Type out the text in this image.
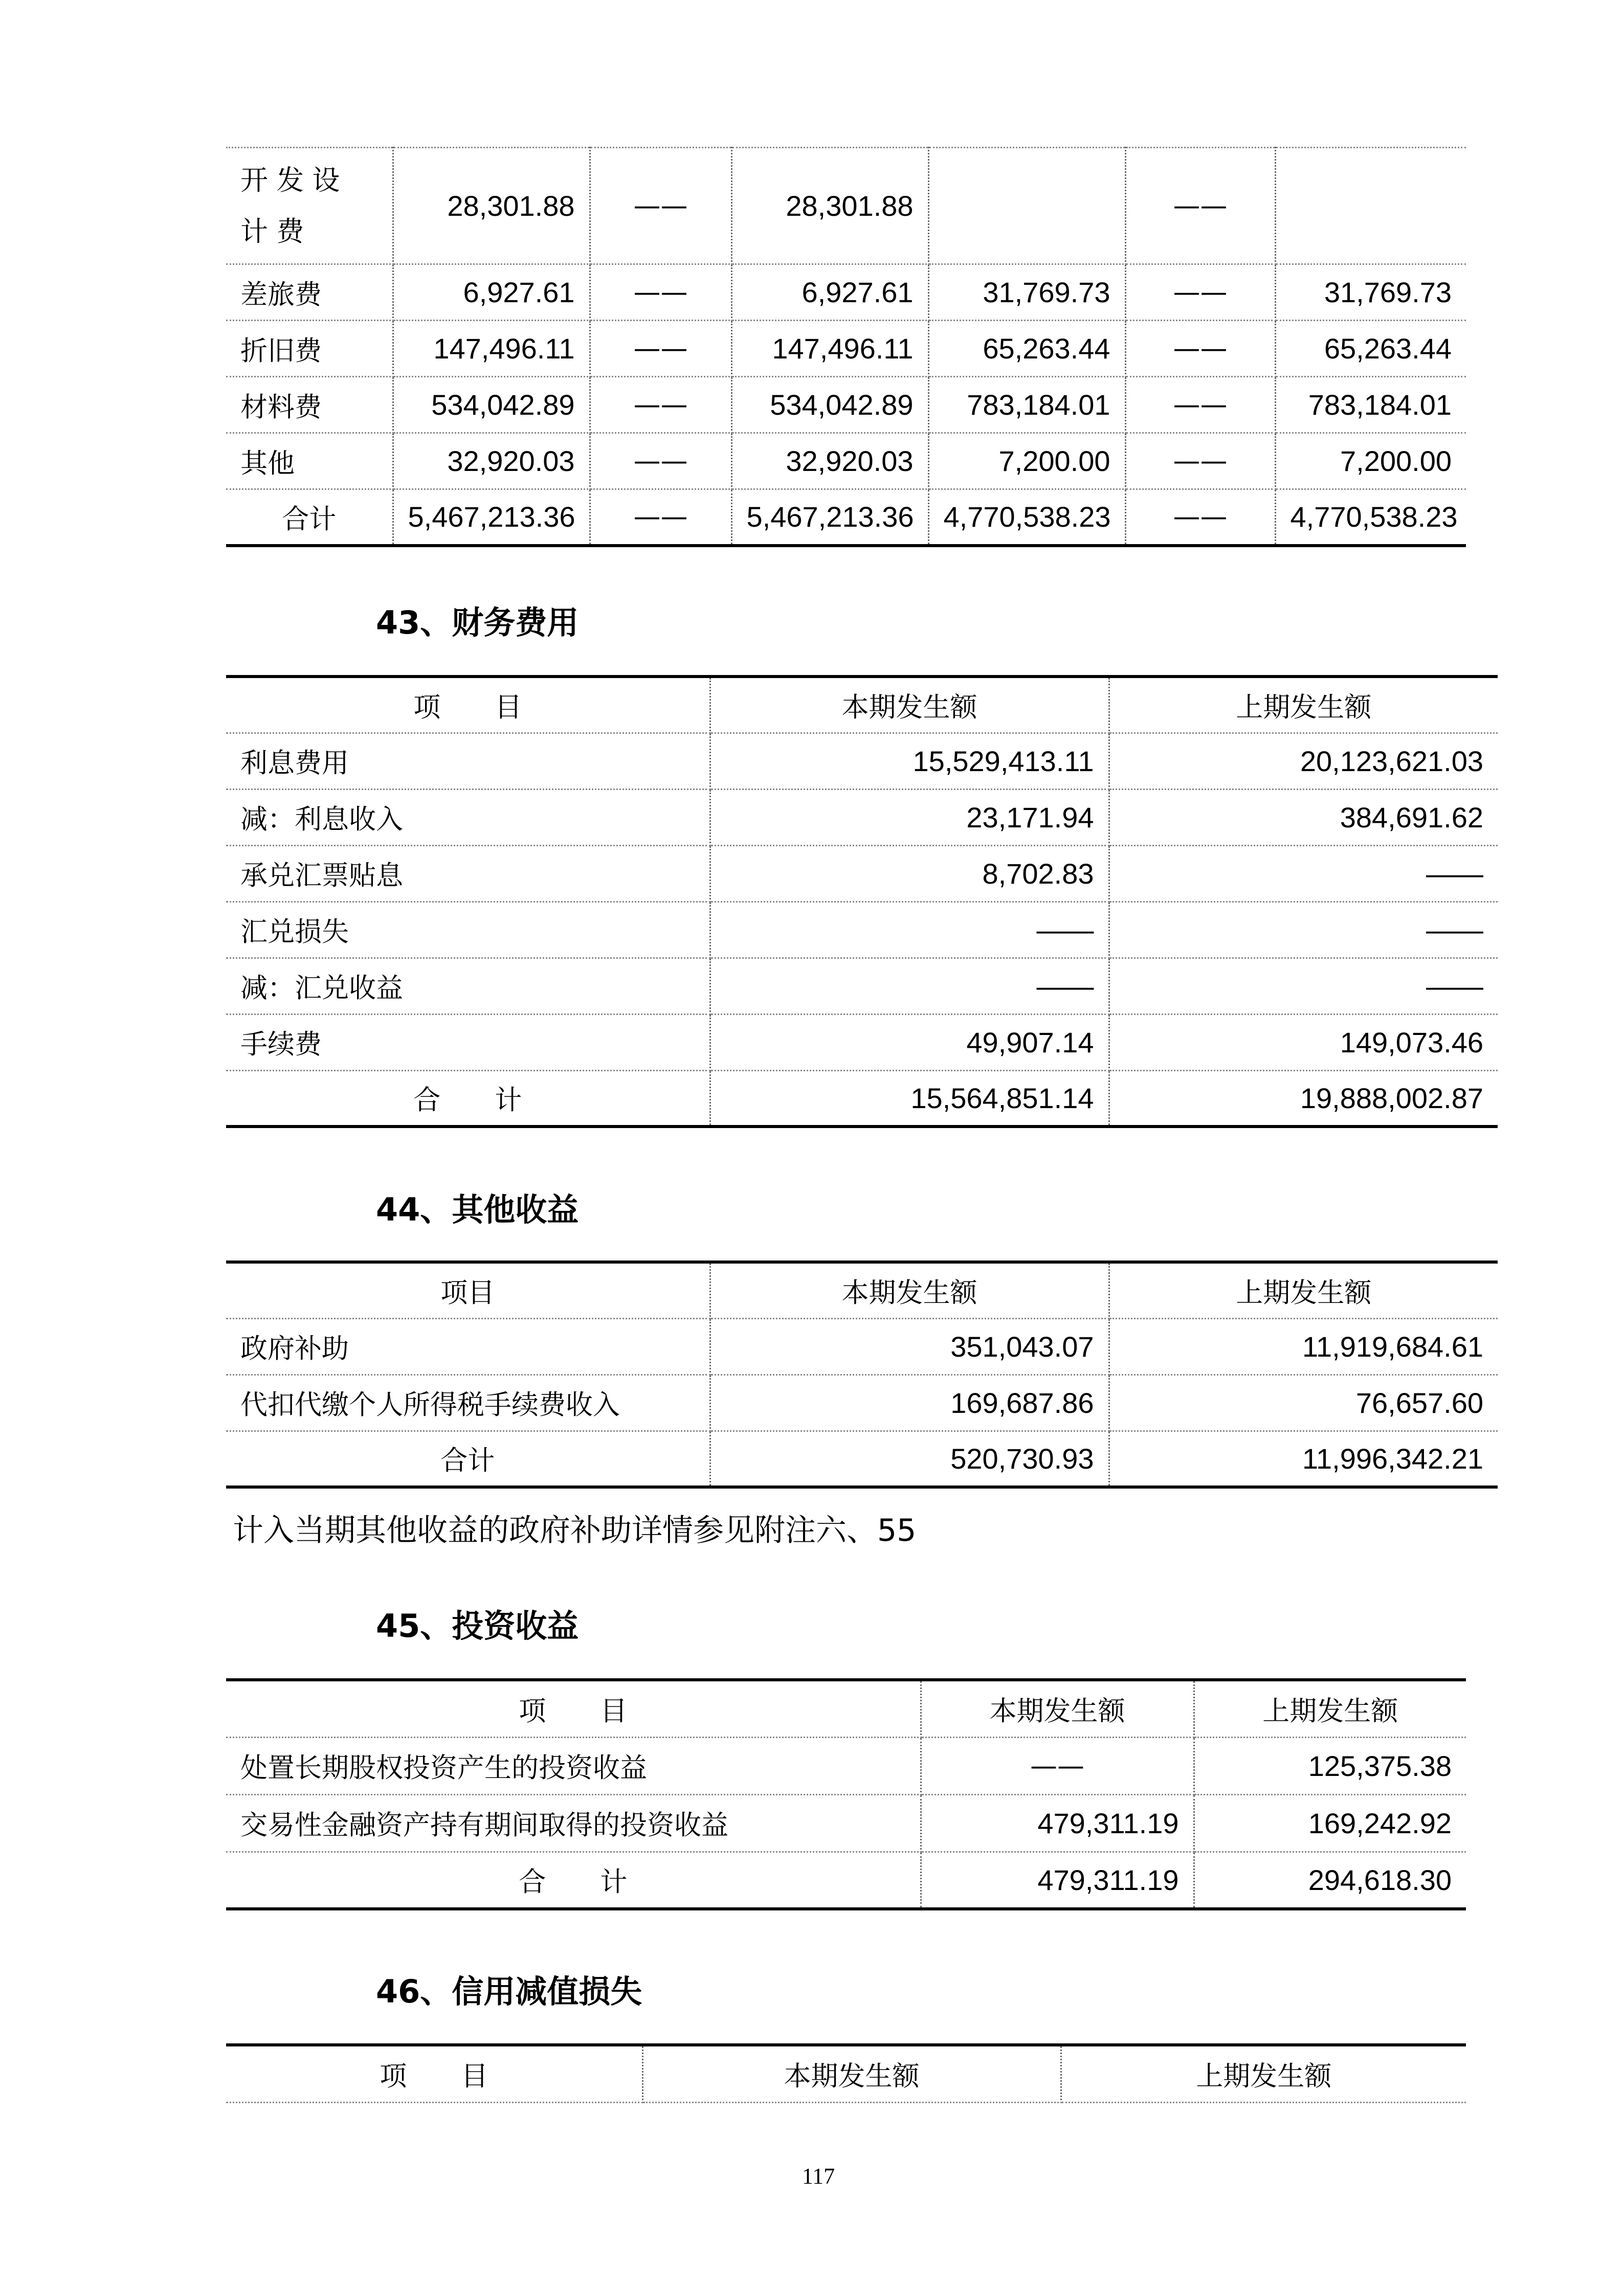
开发设计费	28,301.88	——	28,301.88		——	
差旅费	6,927.61	——	6,927.61	31,769.73	——	31,769.73
折旧费	147,496.11	——	147,496.11	65,263.44	——	65,263.44
材料费	534,042.89	——	534,042.89	783,184.01	——	783,184.01
其他	32,920.03	——	32,920.03	7,200.00	——	7,200.00
合计	5,467,213.36	——	5,467,213.36	4,770,538.23	——	4,770,538.23
43、财务费用
项　　目	本期发生额	上期发生额
利息费用	15,529,413.11	20,123,621.03
减：利息收入	23,171.94	384,691.62
承兑汇票贴息	8,702.83	——
汇兑损失	——	——
减：汇兑收益	——	——
手续费	49,907.14	149,073.46
合　　计	15,564,851.14	19,888,002.87
44、其他收益
项目	本期发生额	上期发生额
政府补助	351,043.07	11,919,684.61
代扣代缴个人所得税手续费收入	169,687.86	76,657.60
合计	520,730.93	11,996,342.21
计入当期其他收益的政府补助详情参见附注六、55
45、投资收益
项　　目	本期发生额	上期发生额
处置长期股权投资产生的投资收益	——	125,375.38
交易性金融资产持有期间取得的投资收益	479,311.19	169,242.92
合　　计	479,311.19	294,618.30
46、信用减值损失
项　　目	本期发生额	上期发生额
117
